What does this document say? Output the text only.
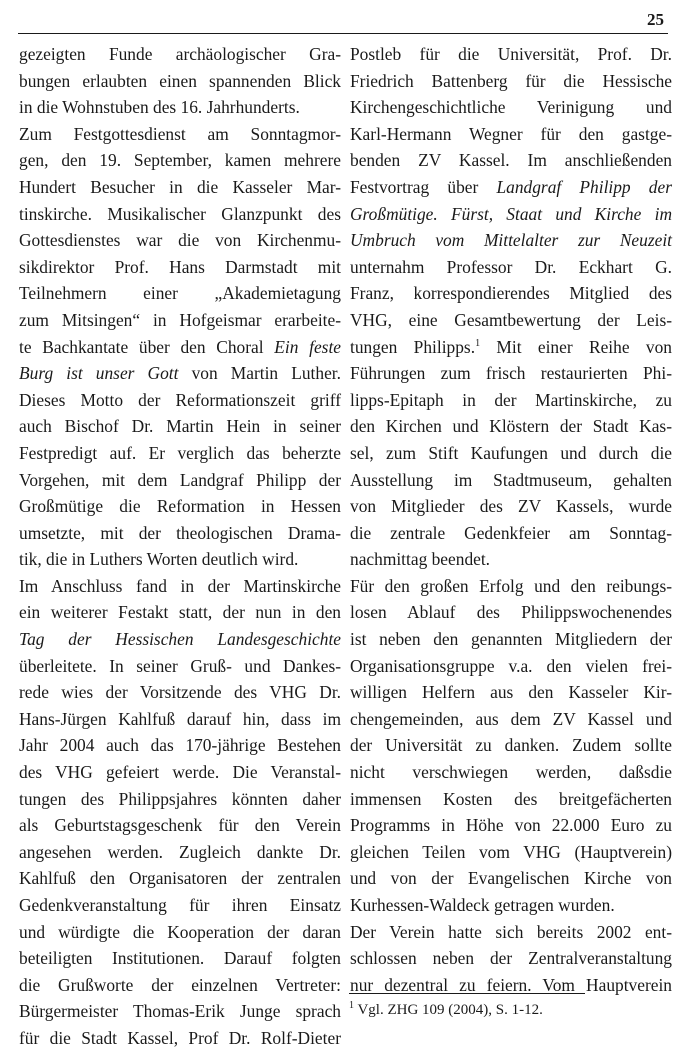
25
gezeigten Funde archäologischer Gra-
bungen erlaubten einen spannenden Blick
in die Wohnstuben des 16. Jahrhunderts.
Zum Festgottesdienst am Sonntagmor-
gen, den 19. September, kamen mehrere
Hundert Besucher in die Kasseler Mar-
tinskirche. Musikalischer Glanzpunkt des
Gottesdienstes war die von Kirchenmu-
sikdirektor Prof. Hans Darmstadt mit
Teilnehmern einer „Akademietagung
zum Mitsingen“ in Hofgeismar erarbeite-
te Bachkantate über den Choral Ein feste
Burg ist unser Gott von Martin Luther.
Dieses Motto der Reformationszeit griff
auch Bischof Dr. Martin Hein in seiner
Festpredigt auf. Er verglich das beherzte
Vorgehen, mit dem Landgraf Philipp der
Großmütige die Reformation in Hessen
umsetzte, mit der theologischen Drama-
tik, die in Luthers Worten deutlich wird.
Im Anschluss fand in der Martinskirche
ein weiterer Festakt statt, der nun in den
Tag der Hessischen Landesgeschichte
überleitete. In seiner Gruß- und Dankes-
rede wies der Vorsitzende des VHG Dr.
Hans-Jürgen Kahlfuß darauf hin, dass im
Jahr 2004 auch das 170-jährige Bestehen
des VHG gefeiert werde. Die Veranstal-
tungen des Philippsjahres könnten daher
als Geburtstagsgeschenk für den Verein
angesehen werden. Zugleich dankte Dr.
Kahlfuß den Organisatoren der zentralen
Gedenkveranstaltung für ihren Einsatz
und würdigte die Kooperation der daran
beteiligten Institutionen. Darauf folgten
die Grußworte der einzelnen Vertreter:
Bürgermeister Thomas-Erik Junge sprach
für die Stadt Kassel, Prof Dr. Rolf-Dieter
Postleb für die Universität, Prof. Dr.
Friedrich Battenberg für die Hessische
Kirchengeschichtliche Verinigung und
Karl-Hermann Wegner für den gastge-
benden ZV Kassel. Im anschließenden
Festvortrag über Landgraf Philipp der
Großmütige. Fürst, Staat und Kirche im
Umbruch vom Mittelalter zur Neuzeit
unternahm Professor Dr. Eckhart G.
Franz, korrespondierendes Mitglied des
VHG, eine Gesamtbewertung der Leis-
tungen Philipps.$^1$ Mit einer Reihe von
Führungen zum frisch restaurierten Phi-
lipps-Epitaph in der Martinskirche, zu
den Kirchen und Klöstern der Stadt Kas-
sel, zum Stift Kaufungen und durch die
Ausstellung im Stadtmuseum, gehalten
von Mitglieder des ZV Kassels, wurde
die zentrale Gedenkfeier am Sonntag-
nachmittag beendet.
Für den großen Erfolg und den reibungs-
losen Ablauf des Philippswochenendes
ist neben den genannten Mitgliedern der
Organisationsgruppe v.a. den vielen frei-
willigen Helfern aus den Kasseler Kir-
chengemeinden, aus dem ZV Kassel und
der Universität zu danken. Zudem sollte
nicht verschwiegen werden, daßsdie
immensen Kosten des breitgefächerten
Programms in Höhe von 22.000 Euro zu
gleichen Teilen vom VHG (Hauptverein)
und von der Evangelischen Kirche von
Kurhessen-Waldeck getragen wurden.
Der Verein hatte sich bereits 2002 ent-
schlossen neben der Zentralveranstaltung
nur dezentral zu feiern. Vom Hauptverein
$^1$ Vgl. ZHG 109 (2004), S. 1-12.
